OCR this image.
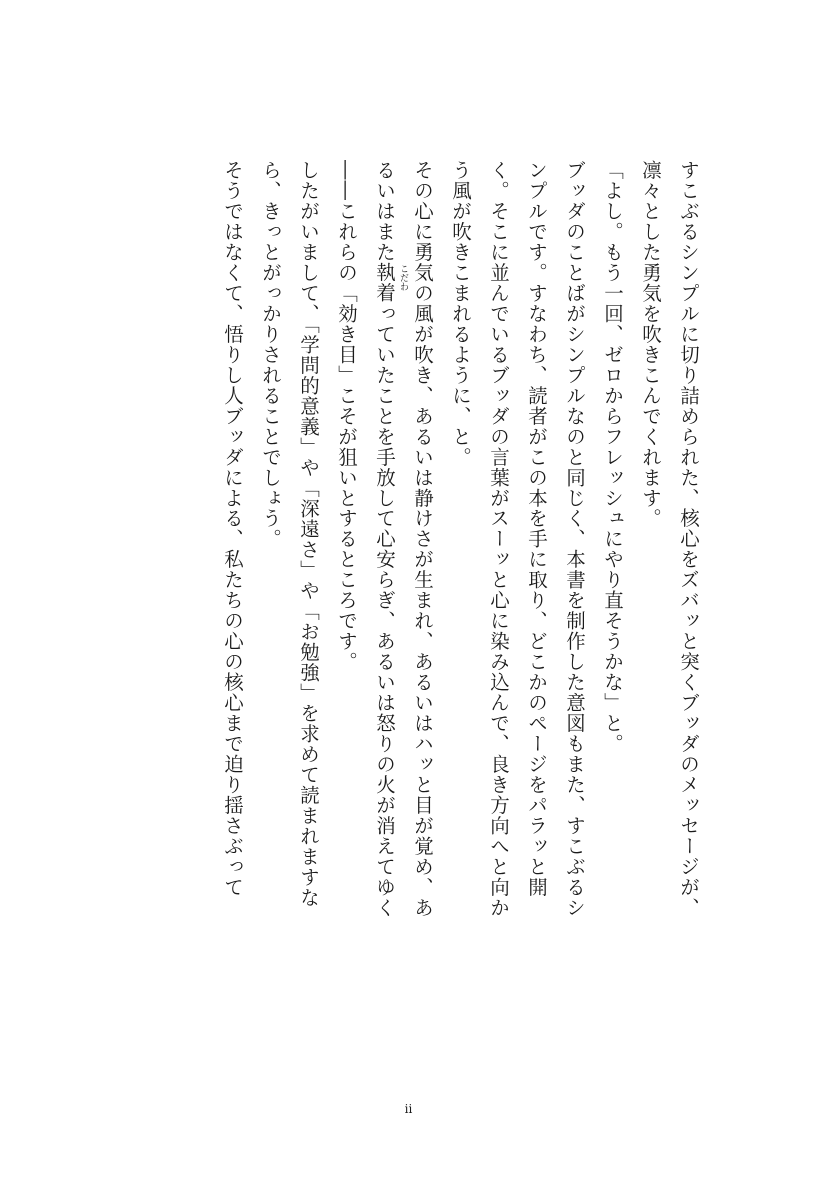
すこぶるシンプルに切り詰められた、核心をズバッと突くブッダのメッセージが、凛々とした勇気を吹きこんでくれます。

「よし。もう一回、ゼロからフレッシュにやり直そうかな」と。

ブッダのことばがシンプルなのと同じく、本書を制作した意図もまた、すこぶるシンプルです。すなわち、読者がこの本を手に取り、どこかのページをパラッと開く。そこに並んでいるブッダの言葉がスーッと心に染み込んで、良き方向へと向かう風が吹きこまれるように、と。

その心に勇気の風が吹き、あるいは静けさが生まれ、あるいはハッと目が覚め、あるいはまた執着 こだわ
っていたことを手放して心安らぎ、あるいは怒りの火が消えてゆく――これらの「効き目」こそが狙いとするところです。

したがいまして、「学問的意義」や「深遠さ」や「お勉強」を求めて読まれますなら、きっとがっかりされることでしょう。

そうではなくて、悟りし人ブッダによる、私たちの心の核心まで迫り揺さぶって

ii
